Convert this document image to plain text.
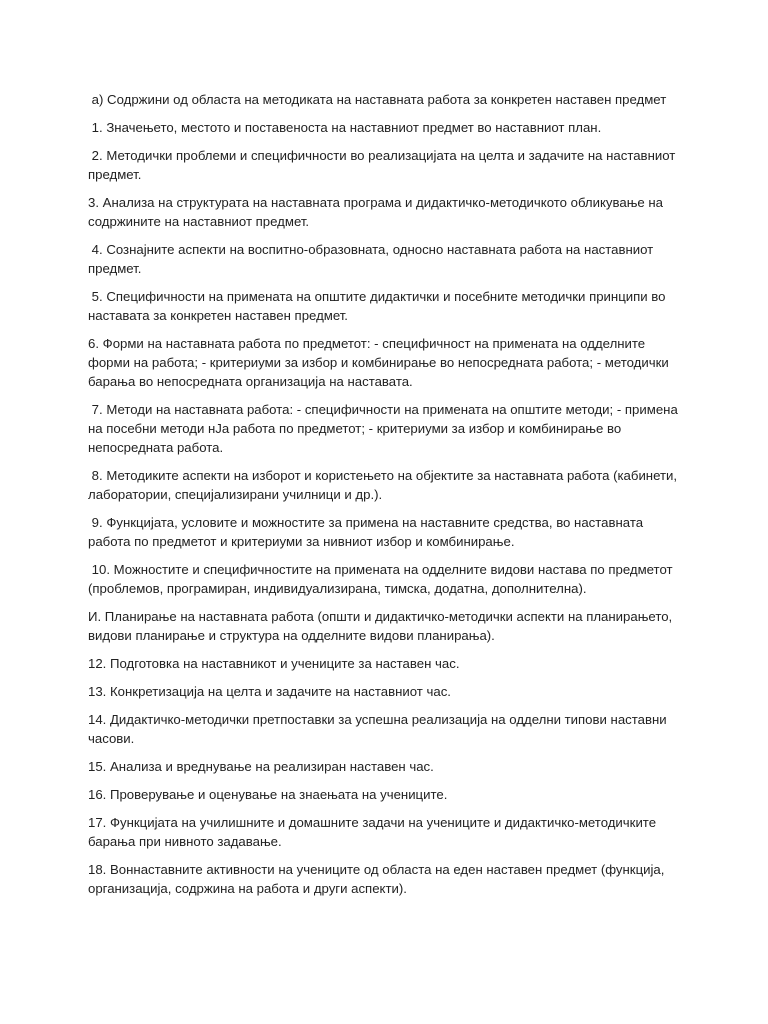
а) Содржини од областа на методиката на наставната работа за конкретен наставен предмет

1. Значењето, местото и поставеноста на наставниот предмет во наставниот план.

2. Методички проблеми и специфичности во реализацијата на целта и задачите на наставниот предмет.

3. Анализа на структурата на наставната програма и дидактичко-методичкото обликување на содржините на наставниот предмет.

4. Сознајните аспекти на воспитно-образовната, односно наставната работа на наставниот предмет.

5. Специфичности на примената на општите дидактички и посебните методички принципи во наставата за конкретен наставен предмет.

6. Форми на наставната работа по предметот: - специфичност на примената на одделните форми на работа; - критериуми за избор и комбинирање во непосредната работа; - методички барања во непосредната организација на наставата.

7. Методи на наставната работа: - специфичности на примената на општите методи; - примена на посебни методи нЈа работа по предметот; - критериуми за избор и комбинирање во непосредната работа.

8. Методиките аспекти на изборот и користењето на објектите за наставната работа (кабинети, лаборатории, специјализирани училници и др.).

9. Функцијата, условите и можностите за примена на наставните средства, во наставната работа по предметот и критериуми за нивниот избор и комбинирање.

10. Можностите и специфичностите на примената на одделните видови настава по предметот (проблемов, програмиран, индивидуализирана, тимска, додатна, дополнителна).

И. Планирање на наставната работа (општи и дидактичко-методички аспекти на планирањето, видови планирање и структура на одделните видови планирања).

12. Подготовка на наставникот и учениците за наставен час.

13. Конкретизација на целта и задачите на наставниот час.

14. Дидактичко-методички претпоставки за успешна реализација на одделни типови наставни часови.

15. Анализа и вреднување на реализиран наставен час.

16. Проверување и оценување на знаењата на учениците.

17. Функцијата на училишните и домашните задачи на учениците и дидактичко-методичките барања при нивното задавање.

18. Воннаставните активности на учениците од областа на еден наставен предмет (функција, организација, содржина на работа и други аспекти).
